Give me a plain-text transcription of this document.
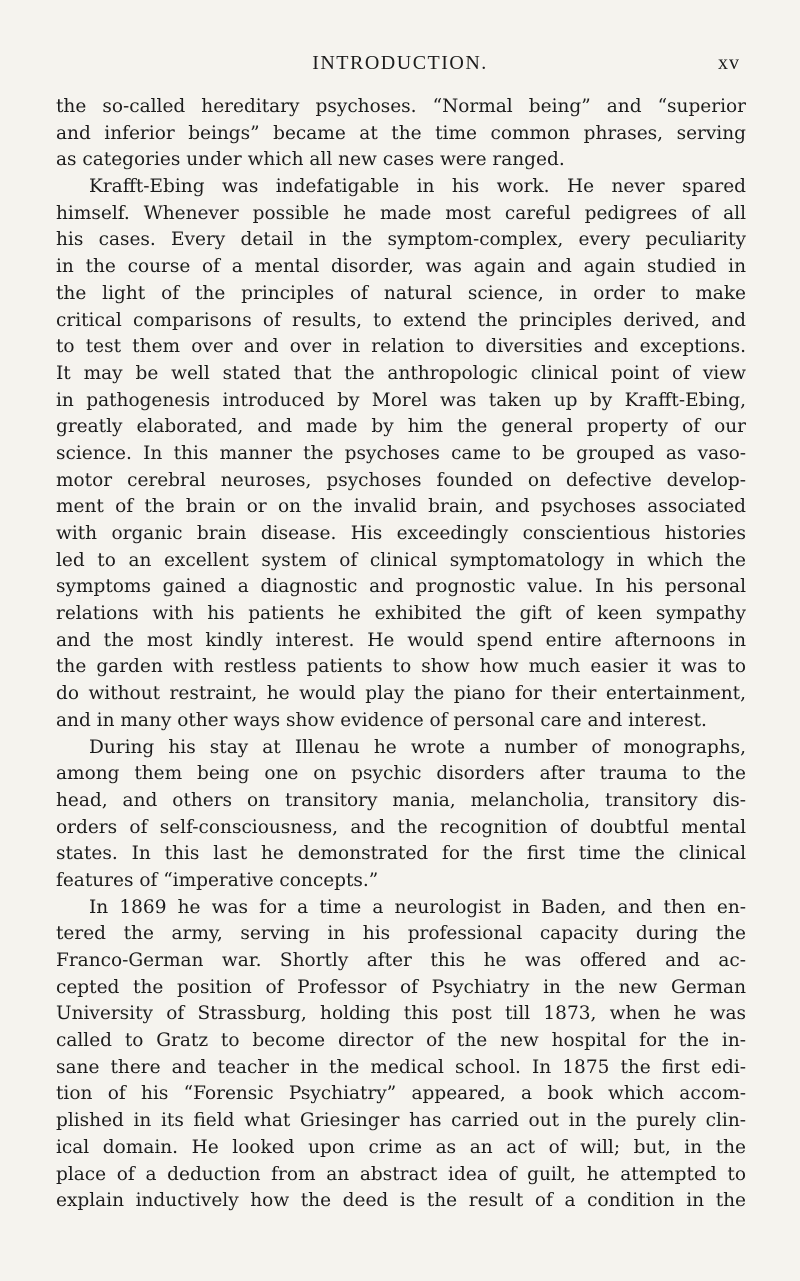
INTRODUCTION.	xv
the so-called hereditary psychoses. “Normal being” and “superior
and inferior beings” became at the time common phrases, serving
as categories under which all new cases were ranged.
Krafft-Ebing was indefatigable in his work. He never spared
himself. Whenever possible he made most careful pedigrees of all
his cases. Every detail in the symptom-complex, every peculiarity
in the course of a mental disorder, was again and again studied in
the light of the principles of natural science, in order to make
critical comparisons of results, to extend the principles derived, and
to test them over and over in relation to diversities and exceptions.
It may be well stated that the anthropologic clinical point of view
in pathogenesis introduced by Morel was taken up by Krafft-Ebing,
greatly elaborated, and made by him the general property of our
science. In this manner the psychoses came to be grouped as vaso-
motor cerebral neuroses, psychoses founded on defective develop-
ment of the brain or on the invalid brain, and psychoses associated
with organic brain disease. His exceedingly conscientious histories
led to an excellent system of clinical symptomatology in which the
symptoms gained a diagnostic and prognostic value. In his personal
relations with his patients he exhibited the gift of keen sympathy
and the most kindly interest. He would spend entire afternoons in
the garden with restless patients to show how much easier it was to
do without restraint, he would play the piano for their entertainment,
and in many other ways show evidence of personal care and interest.
During his stay at Illenau he wrote a number of monographs,
among them being one on psychic disorders after trauma to the
head, and others on transitory mania, melancholia, transitory dis-
orders of self-consciousness, and the recognition of doubtful mental
states. In this last he demonstrated for the first time the clinical
features of “imperative concepts.”
In 1869 he was for a time a neurologist in Baden, and then en-
tered the army, serving in his professional capacity during the
Franco-German war. Shortly after this he was offered and ac-
cepted the position of Professor of Psychiatry in the new German
University of Strassburg, holding this post till 1873, when he was
called to Gratz to become director of the new hospital for the in-
sane there and teacher in the medical school. In 1875 the first edi-
tion of his “Forensic Psychiatry” appeared, a book which accom-
plished in its field what Griesinger has carried out in the purely clin-
ical domain. He looked upon crime as an act of will; but, in the
place of a deduction from an abstract idea of guilt, he attempted to
explain inductively how the deed is the result of a condition in the
